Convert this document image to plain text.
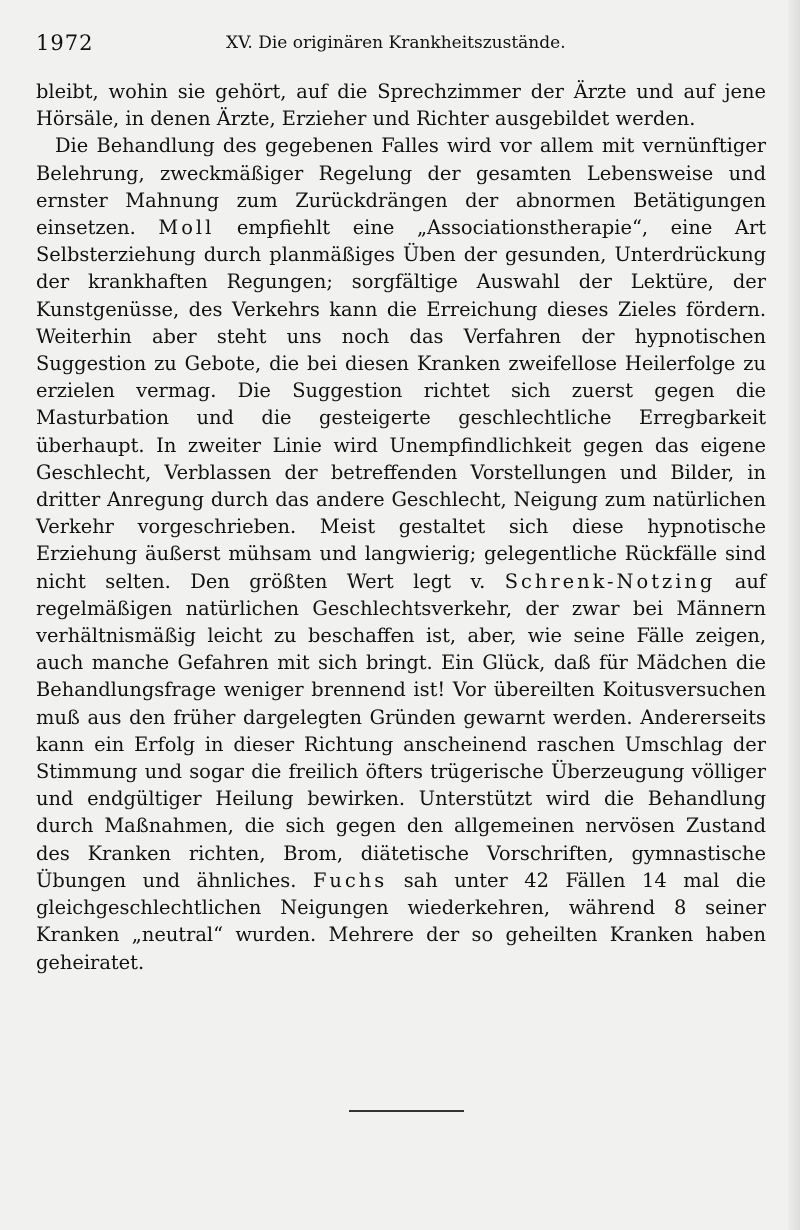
1972	XV. Die originären Krankheitszustände.

bleibt, wohin sie gehört, auf die Sprechzimmer der Ärzte und auf jene Hörsäle, in denen Ärzte, Erzieher und Richter ausgebildet werden.

Die Behandlung des gegebenen Falles wird vor allem mit vernünftiger Belehrung, zweckmäßiger Regelung der gesamten Lebensweise und ernster Mahnung zum Zurückdrängen der abnormen Betätigungen einsetzen. Moll empfiehlt eine „Associationstherapie“, eine Art Selbsterziehung durch planmäßiges Üben der gesunden, Unterdrückung der krankhaften Regungen; sorgfältige Auswahl der Lektüre, der Kunstgenüsse, des Verkehrs kann die Erreichung dieses Zieles fördern. Weiterhin aber steht uns noch das Verfahren der hypnotischen Suggestion zu Gebote, die bei diesen Kranken zweifellose Heilerfolge zu erzielen vermag. Die Suggestion richtet sich zuerst gegen die Masturbation und die gesteigerte geschlechtliche Erregbarkeit überhaupt. In zweiter Linie wird Unempfindlichkeit gegen das eigene Geschlecht, Verblassen der betreffenden Vorstellungen und Bilder, in dritter Anregung durch das andere Geschlecht, Neigung zum natürlichen Verkehr vorgeschrieben. Meist gestaltet sich diese hypnotische Erziehung äußerst mühsam und langwierig; gelegentliche Rückfälle sind nicht selten. Den größten Wert legt v. Schrenk-Notzing auf regelmäßigen natürlichen Geschlechtsverkehr, der zwar bei Männern verhältnismäßig leicht zu beschaffen ist, aber, wie seine Fälle zeigen, auch manche Gefahren mit sich bringt. Ein Glück, daß für Mädchen die Behandlungsfrage weniger brennend ist! Vor übereilten Koitusversuchen muß aus den früher dargelegten Gründen gewarnt werden. Andererseits kann ein Erfolg in dieser Richtung anscheinend raschen Umschlag der Stimmung und sogar die freilich öfters trügerische Überzeugung völliger und endgültiger Heilung bewirken. Unterstützt wird die Behandlung durch Maßnahmen, die sich gegen den allgemeinen nervösen Zustand des Kranken richten, Brom, diätetische Vorschriften, gymnastische Übungen und ähnliches. Fuchs sah unter 42 Fällen 14 mal die gleichgeschlechtlichen Neigungen wiederkehren, während 8 seiner Kranken „neutral“ wurden. Mehrere der so geheilten Kranken haben geheiratet.
